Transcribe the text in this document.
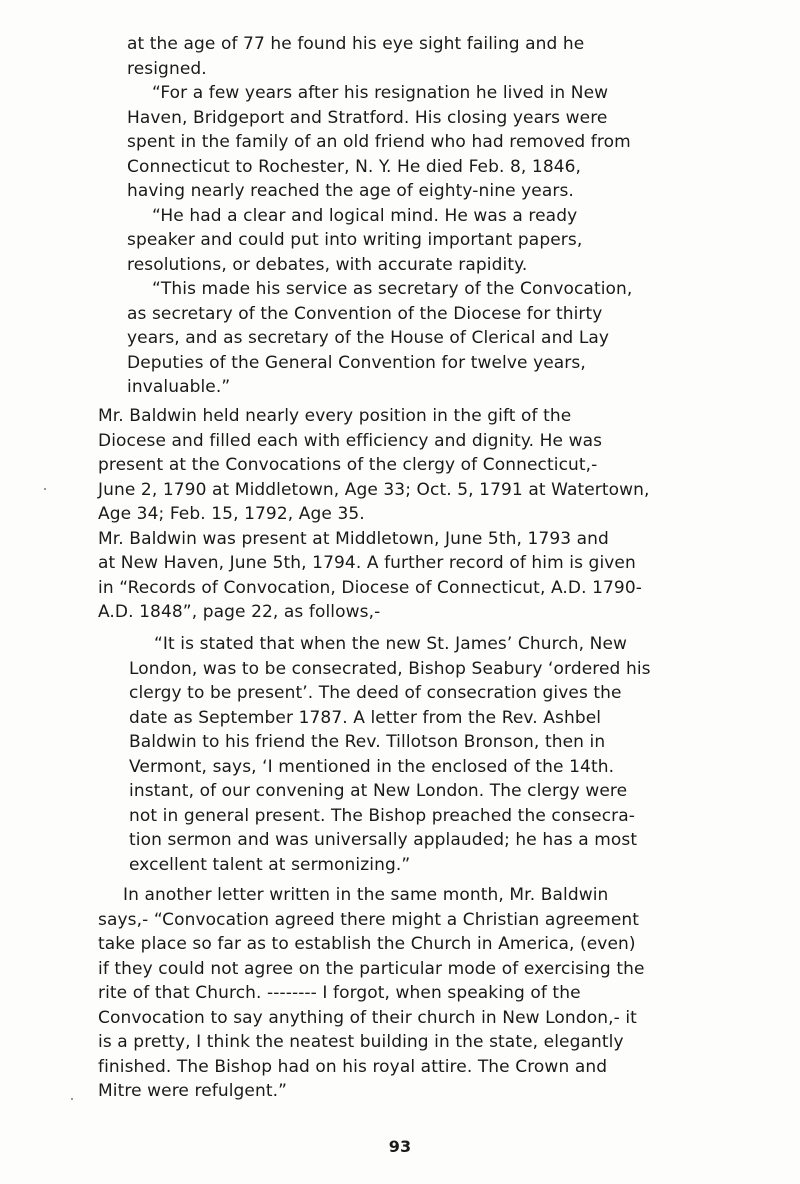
at the age of 77 he found his eye sight failing and he
resigned.

“For a few years after his resignation he lived in New
Haven, Bridgeport and Stratford. His closing years were
spent in the family of an old friend who had removed from
Connecticut to Rochester, N. Y. He died Feb. 8, 1846,
having nearly reached the age of eighty-nine years.

“He had a clear and logical mind. He was a ready
speaker and could put into writing important papers,
resolutions, or debates, with accurate rapidity.

“This made his service as secretary of the Convocation,
as secretary of the Convention of the Diocese for thirty
years, and as secretary of the House of Clerical and Lay
Deputies of the General Convention for twelve years,
invaluable.”

Mr. Baldwin held nearly every position in the gift of the
Diocese and filled each with efficiency and dignity. He was
present at the Convocations of the clergy of Connecticut,-
June 2, 1790 at Middletown, Age 33; Oct. 5, 1791 at Watertown,
Age 34; Feb. 15, 1792, Age 35.

Mr. Baldwin was present at Middletown, June 5th, 1793 and
at New Haven, June 5th, 1794. A further record of him is given
in “Records of Convocation, Diocese of Connecticut, A.D. 1790-
A.D. 1848”, page 22, as follows,-

“It is stated that when the new St. James’ Church, New
London, was to be consecrated, Bishop Seabury ‘ordered his
clergy to be present’. The deed of consecration gives the
date as September 1787. A letter from the Rev. Ashbel
Baldwin to his friend the Rev. Tillotson Bronson, then in
Vermont, says, ‘I mentioned in the enclosed of the 14th.
instant, of our convening at New London. The clergy were
not in general present. The Bishop preached the consecra-
tion sermon and was universally applauded; he has a most
excellent talent at sermonizing.”

In another letter written in the same month, Mr. Baldwin
says,- “Convocation agreed there might a Christian agreement
take place so far as to establish the Church in America, (even)
if they could not agree on the particular mode of exercising the
rite of that Church. -------- I forgot, when speaking of the
Convocation to say anything of their church in New London,- it
is a pretty, I think the neatest building in the state, elegantly
finished. The Bishop had on his royal attire. The Crown and
Mitre were refulgent.”

93
